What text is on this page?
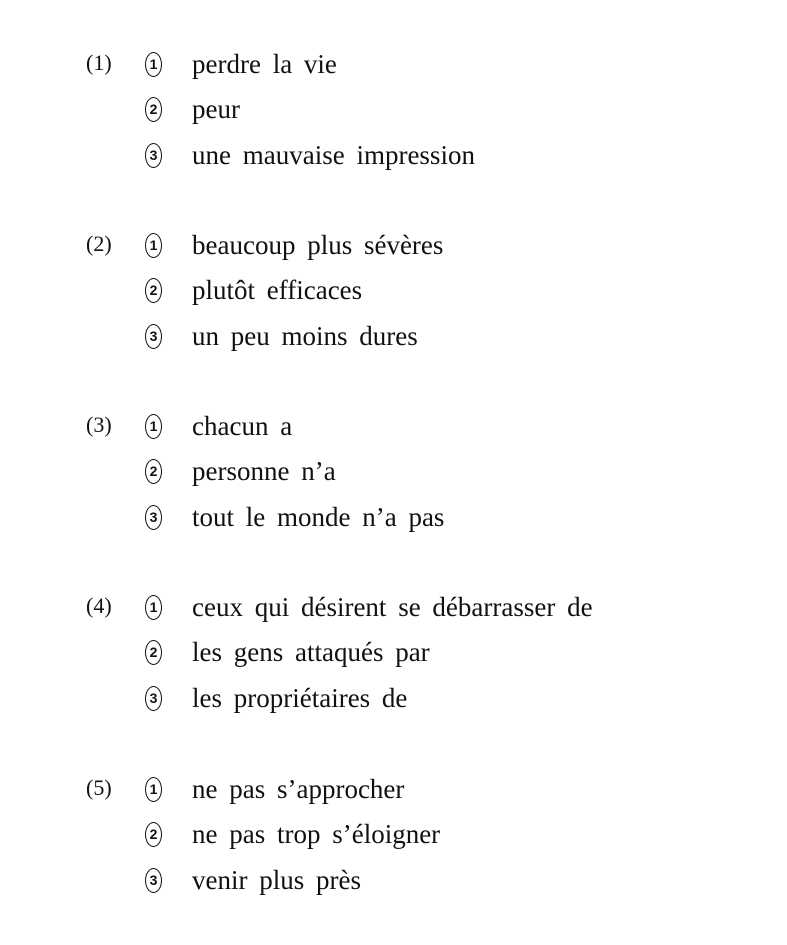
(1)	1 perdre la vie
2 peur
3 une mauvaise impression
(2)	1 beaucoup plus sévères
2 plutôt efficaces
3 un peu moins dures
(3)	1 chacun a
2 personne n’a
3 tout le monde n’a pas
(4)	1 ceux qui désirent se débarrasser de
2 les gens attaqués par
3 les propriétaires de
(5)	1 ne pas s’approcher
2 ne pas trop s’éloigner
3 venir plus près
